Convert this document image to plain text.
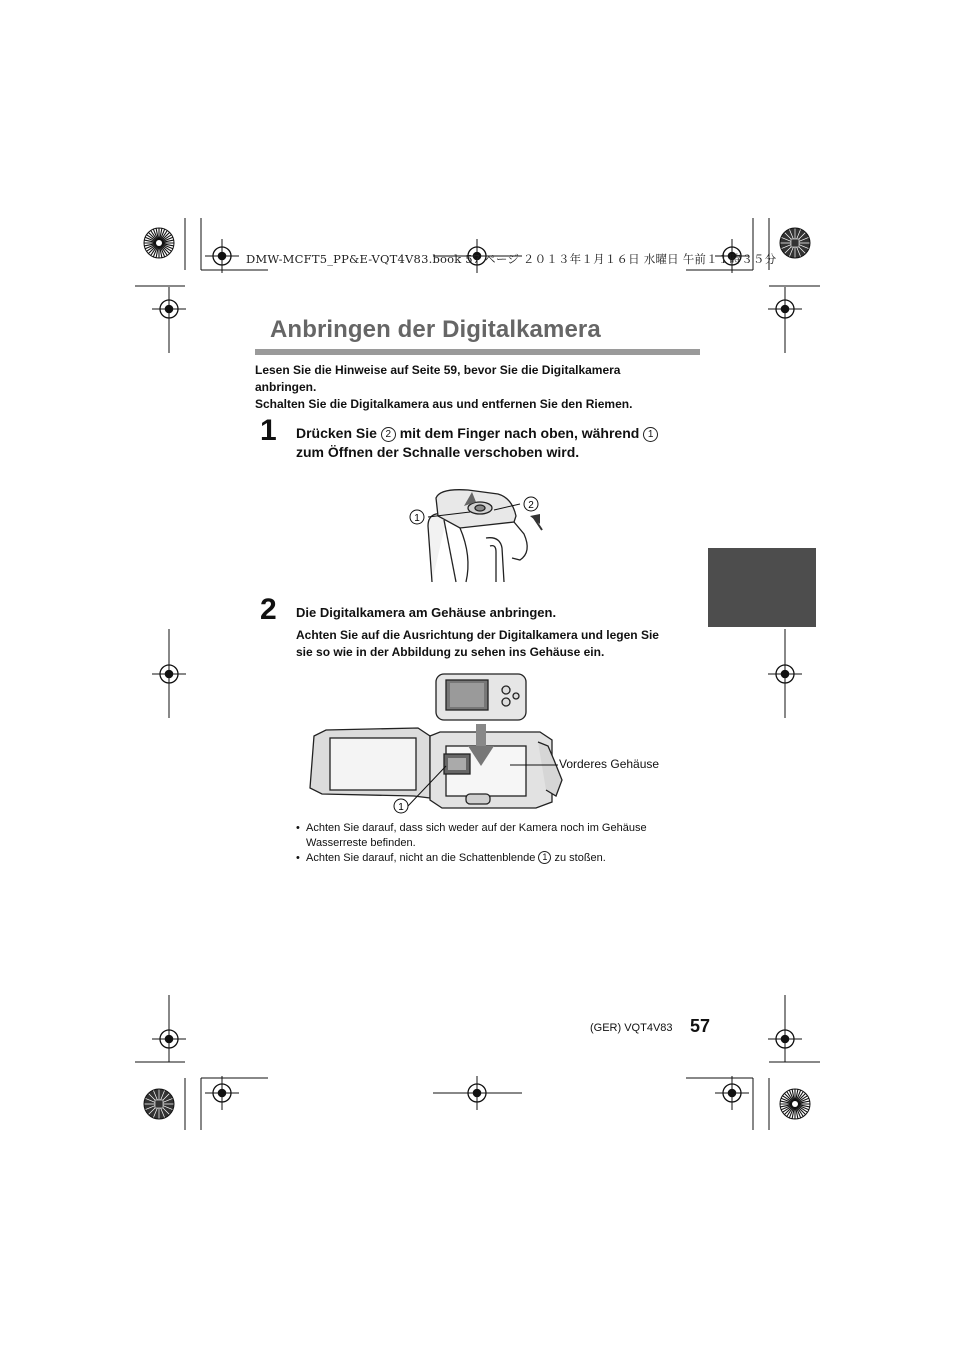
DMW-MCFT5_PP&E-VQT4V83.book 57 ページ ２０１３年１月１６日 水曜日 午前１１時３５分
Anbringen der Digitalkamera
Lesen Sie die Hinweise auf Seite 59, bevor Sie die Digitalkamera
anbringen.
Schalten Sie die Digitalkamera aus und entfernen Sie den Riemen.
1 Drücken Sie 2 mit dem Finger nach oben, während 1
zum Öffnen der Schnalle verschoben wird.
1
2
2 Die Digitalkamera am Gehäuse anbringen.
Achten Sie auf die Ausrichtung der Digitalkamera und legen Sie
sie so wie in der Abbildung zu sehen ins Gehäuse ein.
1
Vorderes Gehäuse
• Achten Sie darauf, dass sich weder auf der Kamera noch im Gehäuse
Wasserreste befinden.
• Achten Sie darauf, nicht an die Schattenblende 1 zu stoßen.
(GER) VQT4V83 57
